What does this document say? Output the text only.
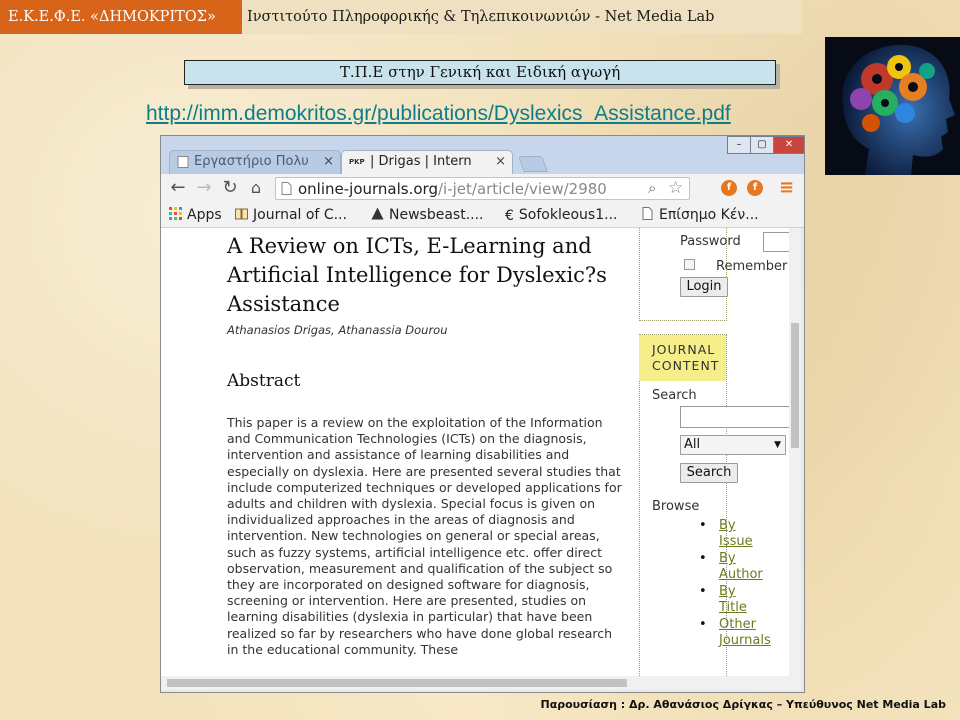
Ε.Κ.Ε.Φ.Ε. «ΔΗΜΟΚΡΙΤΟΣ»	Ινστιτούτο Πληροφορικής & Τηλεπικοινωνιών - Net Media Lab
Τ.Π.Ε στην Γενική και Ειδική αγωγή
http://imm.demokritos.gr/publications/Dyslexics_Assistance.pdf
–	▢	✕
Εργαστήριο Πολυ × PKP | Drigas | Intern ×
← → ↻ ⌂	online-journals.org/i-jet/article/view/2980	⌕ ☆	f	f	≡
Apps	Journal of C...	Newsbeast.... € Sofokleous1...	Επίσημο Κέν...
A Review on ICTs, E-Learning and Artificial Intelligence for Dyslexic?s Assistance
Athanasios Drigas, Athanassia Dourou
Abstract
This paper is a review on the exploitation of the Information and Communication Technologies (ICTs) on the diagnosis, intervention and assistance of learning disabilities and especially on dyslexia. Here are presented several studies that include computerized techniques or developed applications for adults and children with dyslexia. Special focus is given on individualized approaches in the areas of diagnosis and intervention. New technologies on general or special areas, such as fuzzy systems, artificial intelligence etc. offer direct observation, measurement and qualification of the subject so they are incorporated on designed software for diagnosis, screening or intervention. Here are presented, studies on learning disabilities (dyslexia in particular) that have been realized so far by researchers who have done global research in the educational community. These
Password
Remember
Login
JOURNAL
CONTENT
Search
All	▼
Search
Browse
• By
Issue
• By
Author
• By
Title
• Other
Journals
Παρουσίαση : Δρ. Αθανάσιος Δρίγκας – Υπεύθυνος Net Media Lab
